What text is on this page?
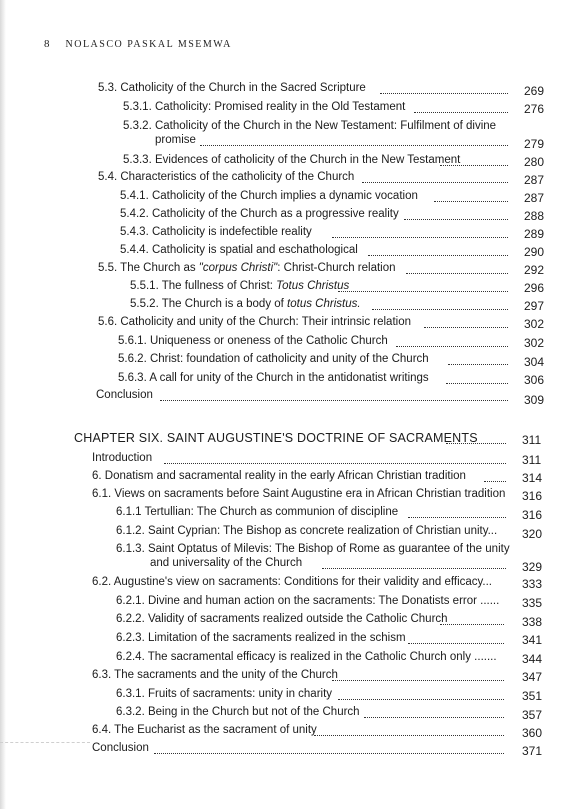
8 NOLASCO PASKAL MSEMWA
5.3. Catholicity of the Church in the Sacred Scripture	269
5.3.1. Catholicity: Promised reality in the Old Testament	276
5.3.2. Catholicity of the Church in the New Testament: Fulfilment of divine
promise	279
5.3.3. Evidences of catholicity of the Church in the New Testament	280
5.4. Characteristics of the catholicity of the Church	287
5.4.1. Catholicity of the Church implies a dynamic vocation	287
5.4.2. Catholicity of the Church as a progressive reality	288
5.4.3. Catholicity is indefectible reality	289
5.4.4. Catholicity is spatial and eschathological	290
5.5. The Church as "corpus Christi": Christ-Church relation	292
5.5.1. The fullness of Christ: Totus Christus	296
5.5.2. The Church is a body of totus Christus.	297
5.6. Catholicity and unity of the Church: Their intrinsic relation	302
5.6.1. Uniqueness or oneness of the Catholic Church	302
5.6.2. Christ: foundation of catholicity and unity of the Church	304
5.6.3. A call for unity of the Church in the antidonatist writings	306
Conclusion	309
CHAPTER SIX. SAINT AUGUSTINE'S DOCTRINE OF SACRAMENTS	311
Introduction	311
6. Donatism and sacramental reality in the early African Christian tradition	314
6.1. Views on sacraments before Saint Augustine era in African Christian tradition 316
6.1.1 Tertullian: The Church as communion of discipline	316
6.1.2. Saint Cyprian: The Bishop as concrete realization of Christian unity... 320
6.1.3. Saint Optatus of Milevis: The Bishop of Rome as guarantee of the unity
and universality of the Church	329
6.2. Augustine's view on sacraments: Conditions for their validity and efficacy... 333
6.2.1. Divine and human action on the sacraments: The Donatists error ...... 335
6.2.2. Validity of sacraments realized outside the Catholic Church	338
6.2.3. Limitation of the sacraments realized in the schism	341
6.2.4. The sacramental efficacy is realized in the Catholic Church only ....... 344
6.3. The sacraments and the unity of the Church	347
6.3.1. Fruits of sacraments: unity in charity	351
6.3.2. Being in the Church but not of the Church	357
6.4. The Eucharist as the sacrament of unity	360
Conclusion	371
